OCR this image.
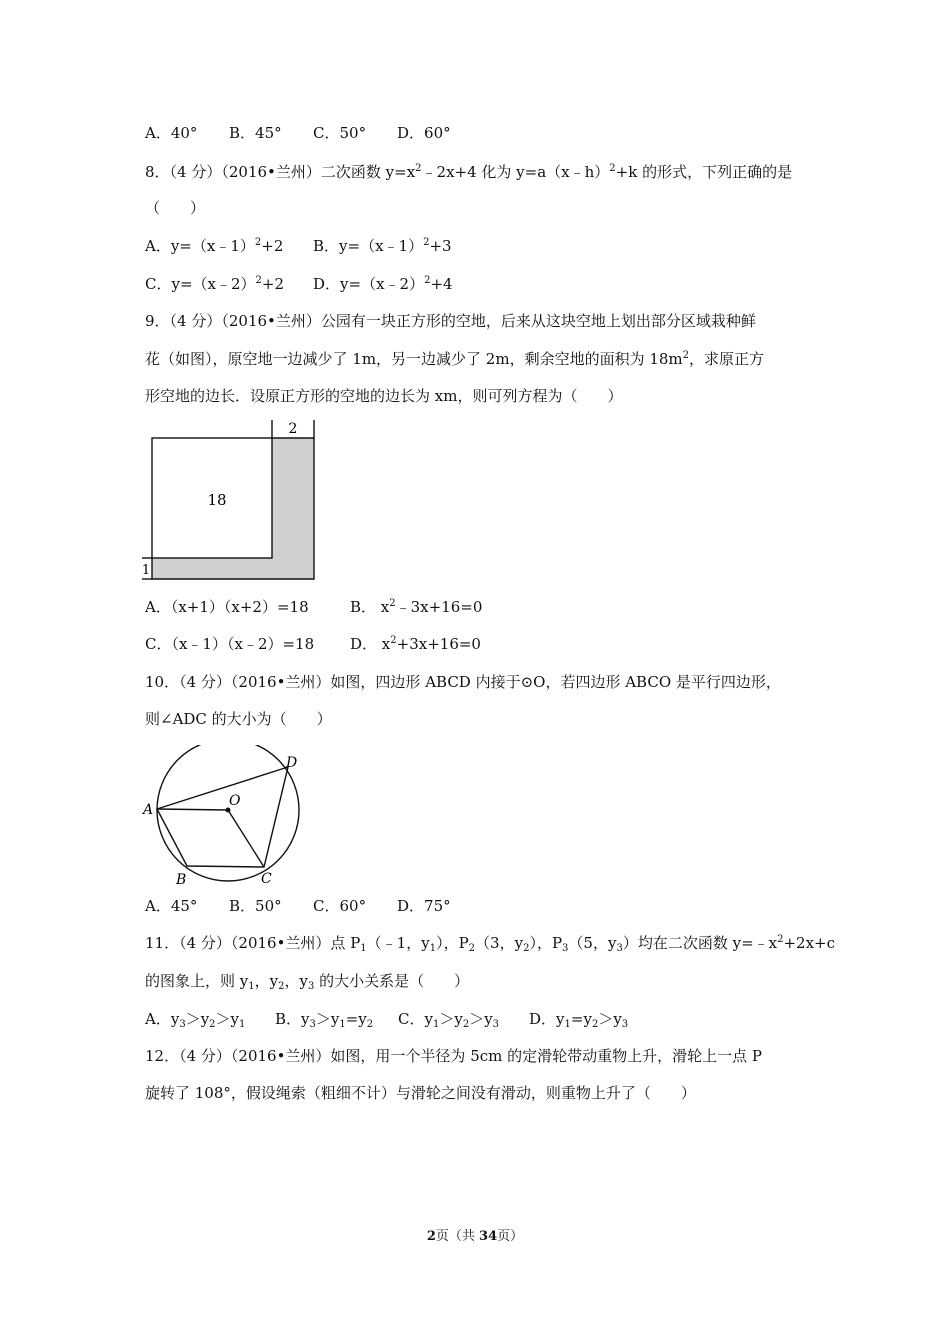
A．40° B．45° C．50° D．60°
8．（4 分）（2016•兰州）二次函数 $y=x^2﹣2x+4$ 化为 y=a（x﹣h）$^2$+k 的形式，下列正确的是
（　　）
A．y=（x﹣1）$^2$+2 B．y=（x﹣1）$^2$+3
C．y=（x﹣2）$^2$+2 D．y=（x﹣2）$^2$+4
9．（4 分）（2016•兰州）公园有一块正方形的空地，后来从这块空地上划出部分区域栽种鲜
花（如图），原空地一边减少了 1m，另一边减少了 2m，剩余空地的面积为 $18m^2$，求原正方
形空地的边长．设原正方形的空地的边长为 xm，则可列方程为（　　）
2
18
1
A．（x+1）（x+2）=18	B． $x^2﹣3x+16=0$
C．（x﹣1）（x﹣2）=18 D． $x^2+3x+16=0$
10．（4 分）（2016•兰州）如图，四边形 ABCD 内接于⊙O，若四边形 ABCO 是平行四边形，
则∠ADC 的大小为（　　）
A
B	C
D
O
A．45° B．50° C．60° D．75°
11．（4 分）（2016•兰州）点 $P_1(﹣1$，$y_1$），$P_2(3$，$y_2$），$P_3(5$，$y_3$）均在二次函数 $y=﹣x^2+2x+c$
的图象上，则 $y_1$，$y_2$，$y_3$ 的大小关系是（　　）
A．$y_3>y_2>y_1$ B．$y_3>y_1=y_2$ C．$y_1>y_2>y_3$ D．$y_1=y_2>y_3$
12．（4 分）（2016•兰州）如图，用一个半径为 5cm 的定滑轮带动重物上升，滑轮上一点 P
旋转了 108°，假设绳索（粗细不计）与滑轮之间没有滑动，则重物上升了（　　）
2页（共 34页）
